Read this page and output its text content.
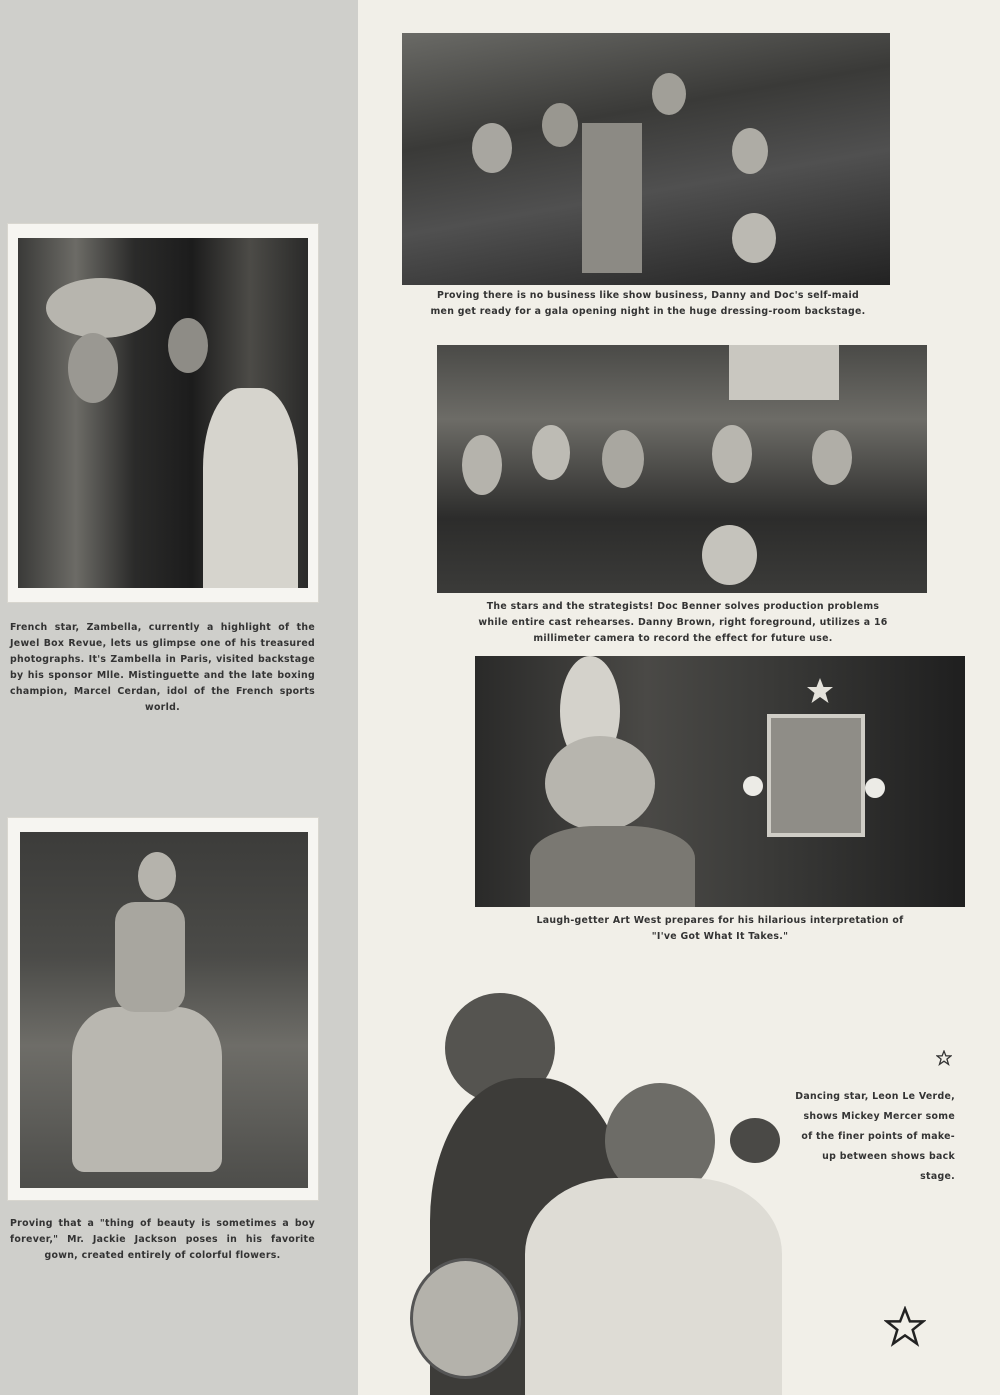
French star, Zambella, currently a highlight of the Jewel Box Revue, lets us glimpse one of his treasured photographs. It's Zambella in Paris, visited backstage by his sponsor Mlle. Mistinguette and the late boxing champion, Marcel Cerdan, idol of the French sports world.
Proving that a "thing of beauty is sometimes a boy forever," Mr. Jackie Jackson poses in his favorite gown, created entirely of colorful flowers.
Proving there is no business like show business, Danny and Doc's self-maid men get ready for a gala opening night in the huge dressing-room backstage.
The stars and the strategists! Doc Benner solves production problems while entire cast rehearses. Danny Brown, right foreground, utilizes a 16 millimeter camera to record the effect for future use.
Laugh-getter Art West prepares for his hilarious interpretation of "I've Got What It Takes."
Dancing star, Leon Le Verde, shows Mickey Mercer some of the finer points of make-up between shows back stage.
